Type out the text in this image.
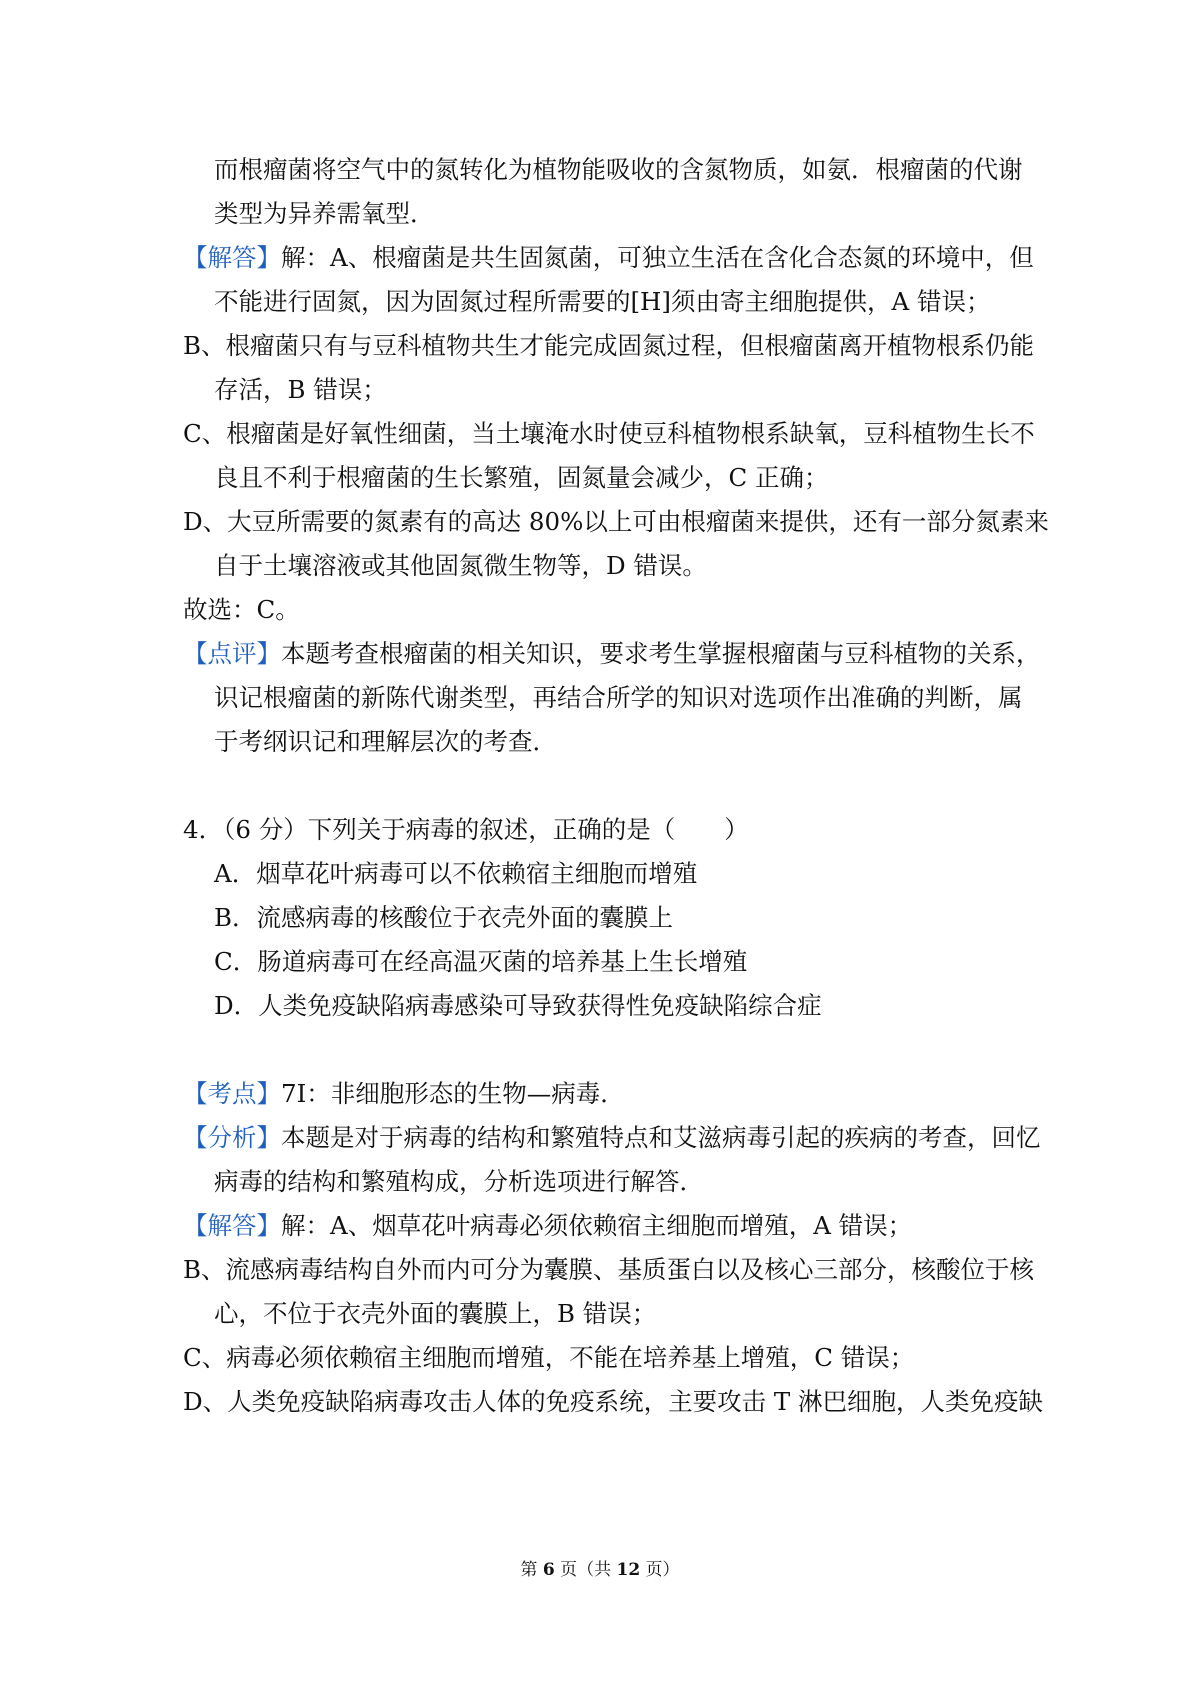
而根瘤菌将空气中的氮转化为植物能吸收的含氮物质，如氨．根瘤菌的代谢
类型为异养需氧型．
【解答】解：A、根瘤菌是共生固氮菌，可独立生活在含化合态氮的环境中，但
不能进行固氮，因为固氮过程所需要的[H]须由寄主细胞提供，A 错误；
B、根瘤菌只有与豆科植物共生才能完成固氮过程，但根瘤菌离开植物根系仍能
存活，B 错误；
C、根瘤菌是好氧性细菌，当土壤淹水时使豆科植物根系缺氧，豆科植物生长不
良且不利于根瘤菌的生长繁殖，固氮量会减少，C 正确；
D、大豆所需要的氮素有的高达 80%以上可由根瘤菌来提供，还有一部分氮素来
自于土壤溶液或其他固氮微生物等，D 错误。
故选：C。
【点评】本题考查根瘤菌的相关知识，要求考生掌握根瘤菌与豆科植物的关系，
识记根瘤菌的新陈代谢类型，再结合所学的知识对选项作出准确的判断，属
于考纲识记和理解层次的考查．
4．（6 分）下列关于病毒的叙述，正确的是（　　）
A．烟草花叶病毒可以不依赖宿主细胞而增殖
B．流感病毒的核酸位于衣壳外面的囊膜上
C．肠道病毒可在经高温灭菌的培养基上生长增殖
D．人类免疫缺陷病毒感染可导致获得性免疫缺陷综合症
【考点】7I：非细胞形态的生物—病毒．
【分析】本题是对于病毒的结构和繁殖特点和艾滋病毒引起的疾病的考查，回忆
病毒的结构和繁殖构成，分析选项进行解答．
【解答】解：A、烟草花叶病毒必须依赖宿主细胞而增殖，A 错误；
B、流感病毒结构自外而内可分为囊膜、基质蛋白以及核心三部分，核酸位于核
心，不位于衣壳外面的囊膜上，B 错误；
C、病毒必须依赖宿主细胞而增殖，不能在培养基上增殖，C 错误；
D、人类免疫缺陷病毒攻击人体的免疫系统，主要攻击 T 淋巴细胞，人类免疫缺
第 6 页（共 12 页）
